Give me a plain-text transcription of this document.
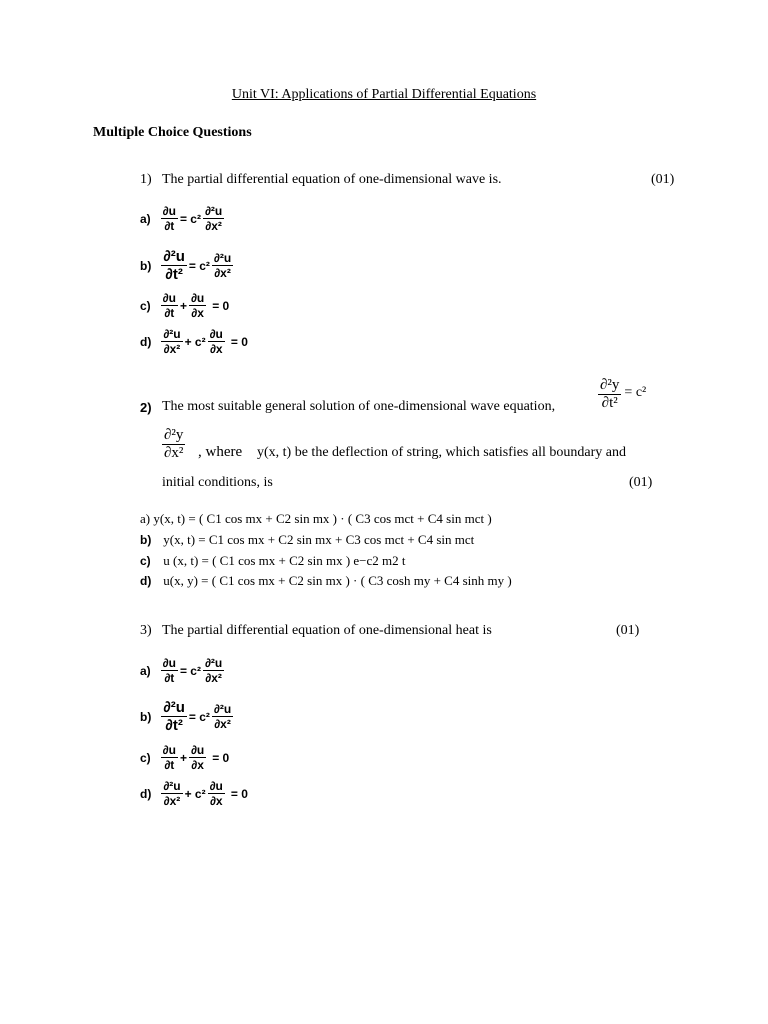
Unit VI: Applications of Partial Differential Equations
Multiple Choice Questions
1) The partial differential equation of one-dimensional wave is.	(01)
$a) \frac{\partial u}{\partial t} = c^2 \frac{\text{∂²u}}{\text{∂x²}}$
$b) \frac{\text{∂²u}}{\text{∂t²}} = c^2 \frac{\text{∂²u}}{\text{∂x²}}$
$c) \frac{\partial u}{\partial t} + \frac{\partial u}{\partial x} = 0$
$d) \frac{\text{∂²u}}{\text{∂x²}} + c^2 \frac{\partial u}{\partial x} = 0$
2) The most suitable general solution of one-dimensional wave equation,	$\frac{\text{∂²y}}{\text{∂t²}} = c^2$
$\frac{\text{∂²y}}{\text{∂x²}}$ , where y(x, t) be the deflection of string, which satisfies all boundary and
initial conditions, is	(01)
a) y(x, t) = ( C1 cos mx + C2 sin mx ) · ( C3 cos mct + C4 sin mct )
b) y(x, t) = C1 cos mx + C2 sin mx + C3 cos mct + C4 sin mct
c) u (x, t) = ( C1 cos mx + C2 sin mx ) e−c2 m2 t
d) u(x, y) = ( C1 cos mx + C2 sin mx ) · ( C3 cosh my + C4 sinh my )
3) The partial differential equation of one-dimensional heat is	(01)
$a) \frac{\partial u}{\partial t} = c^2 \frac{\text{∂²u}}{\text{∂x²}}$
$b) \frac{\text{∂²u}}{\text{∂t²}} = c^2 \frac{\text{∂²u}}{\text{∂x²}}$
$c) \frac{\partial u}{\partial t} + \frac{\partial u}{\partial x} = 0$
$d) \frac{\text{∂²u}}{\text{∂x²}} + c^2 \frac{\partial u}{\partial x} = 0$
